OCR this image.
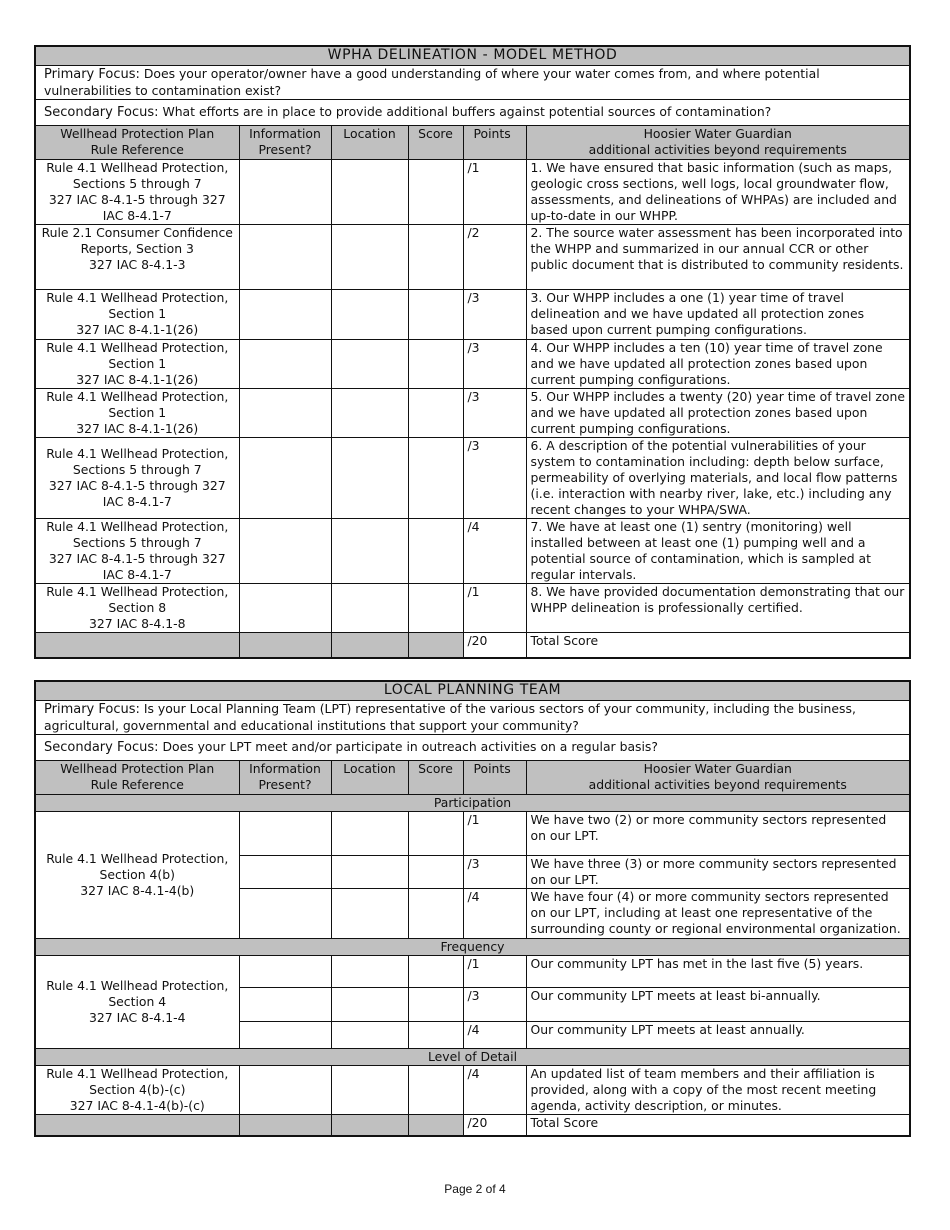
WPHA DELINEATION - MODEL METHOD					
Primary Focus: Does your operator/owner have a good understanding of where your water comes from, and where potential vulnerabilities to contamination exist?					
Secondary Focus: What efforts are in place to provide additional buffers against potential sources of contamination?					
Wellhead Protection Plan
Rule Reference	Information
Present?	Location	Score	Points	Hoosier Water Guardian
additional activities beyond requirements
Rule 4.1 Wellhead Protection, Sections 5 through 7
327 IAC 8-4.1-5 through 327 IAC 8-4.1-7				/1	1. We have ensured that basic information (such as maps, geologic cross sections, well logs, local groundwater flow, assessments, and delineations of WHPAs) are included and up-to-date in our WHPP.
Rule 2.1 Consumer Confidence Reports, Section 3
327 IAC 8-4.1-3				/2	2. The source water assessment has been incorporated into the WHPP and summarized in our annual CCR or other public document that is distributed to community residents.
Rule 4.1 Wellhead Protection, Section 1
327 IAC 8-4.1-1(26)				/3	3. Our WHPP includes a one (1) year time of travel delineation and we have updated all protection zones based upon current pumping configurations.
Rule 4.1 Wellhead Protection, Section 1
327 IAC 8-4.1-1(26)				/3	4. Our WHPP includes a ten (10) year time of travel zone and we have updated all protection zones based upon current pumping configurations.
Rule 4.1 Wellhead Protection, Section 1
327 IAC 8-4.1-1(26)				/3	5. Our WHPP includes a twenty (20) year time of travel zone and we have updated all protection zones based upon current pumping configurations.
Rule 4.1 Wellhead Protection, Sections 5 through 7
327 IAC 8-4.1-5 through 327 IAC 8-4.1-7				/3	6. A description of the potential vulnerabilities of your system to contamination including: depth below surface, permeability of overlying materials, and local flow patterns (i.e. interaction with nearby river, lake, etc.) including any recent changes to your WHPA/SWA.
Rule 4.1 Wellhead Protection, Sections 5 through 7
327 IAC 8-4.1-5 through 327 IAC 8-4.1-7				/4	7. We have at least one (1) sentry (monitoring) well installed between at least one (1) pumping well and a potential source of contamination, which is sampled at regular intervals.
Rule 4.1 Wellhead Protection, Section 8
327 IAC 8-4.1-8				/1	8. We have provided documentation demonstrating that our WHPP delineation is professionally certified.
				/20	Total Score
LOCAL PLANNING TEAM					
Primary Focus: Is your Local Planning Team (LPT) representative of the various sectors of your community, including the business, agricultural, governmental and educational institutions that support your community?					
Secondary Focus: Does your LPT meet and/or participate in outreach activities on a regular basis?					
Wellhead Protection Plan
Rule Reference	Information
Present?	Location	Score	Points	Hoosier Water Guardian
additional activities beyond requirements
Participation					
Rule 4.1 Wellhead Protection, Section 4(b)
327 IAC 8-4.1-4(b)				/1	We have two (2) or more community sectors represented on our LPT.
				/3	We have three (3) or more community sectors represented on our LPT.
				/4	We have four (4) or more community sectors represented on our LPT, including at least one representative of the surrounding county or regional environmental organization.
Frequency					
Rule 4.1 Wellhead Protection, Section 4
327 IAC 8-4.1-4				/1	Our community LPT has met in the last five (5) years.
				/3	Our community LPT meets at least bi-annually.
				/4	Our community LPT meets at least annually.
Level of Detail					
Rule 4.1 Wellhead Protection, Section 4(b)-(c)
327 IAC 8-4.1-4(b)-(c)				/4	An updated list of team members and their affiliation is provided, along with a copy of the most recent meeting agenda, activity description, or minutes.
				/20	Total Score
Page 2 of 4
